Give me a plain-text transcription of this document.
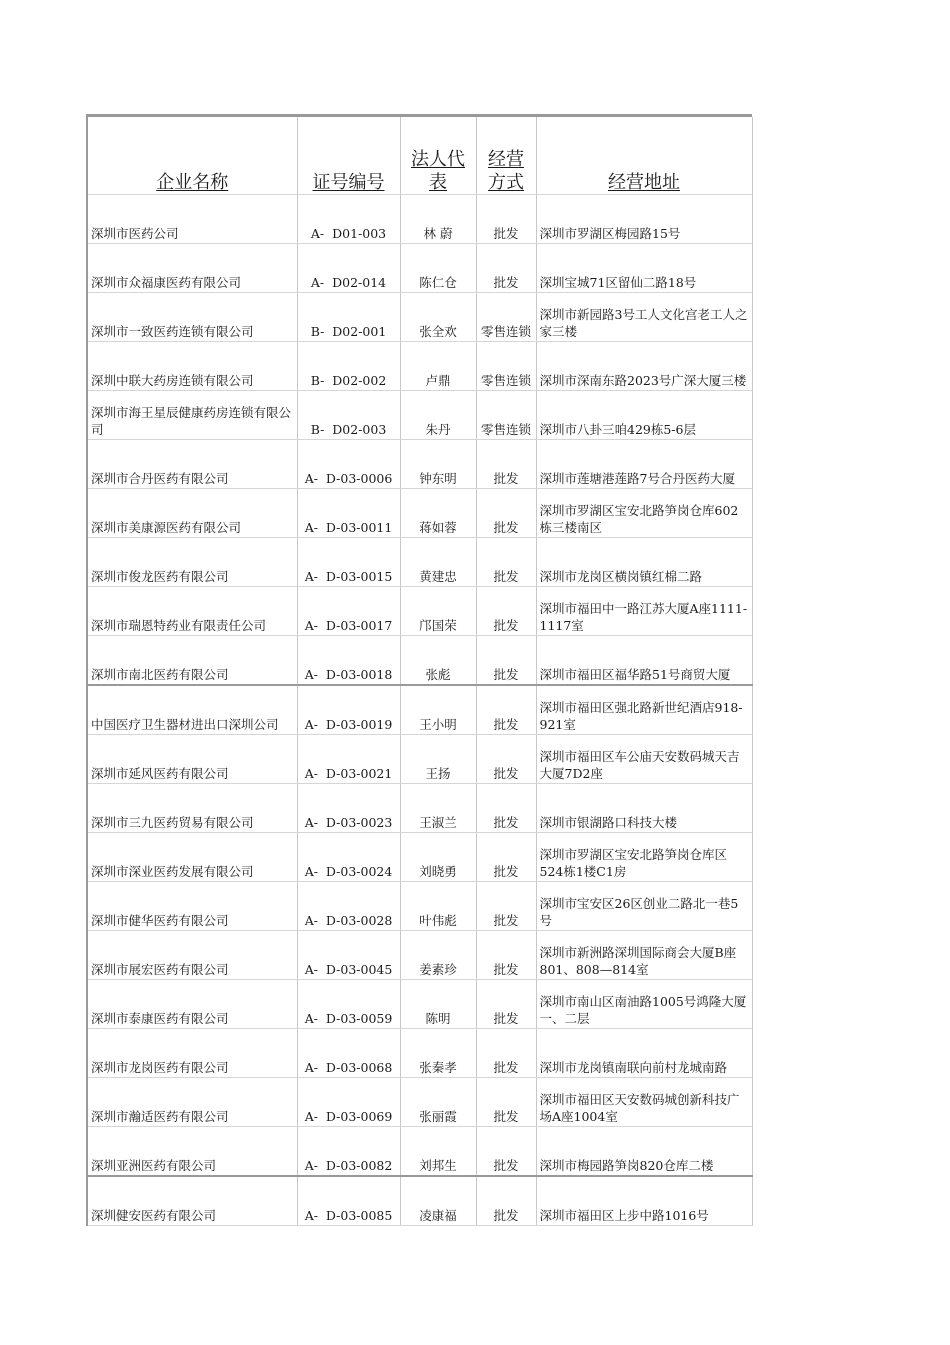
企业名称	证号编号	法人代表	经营方式	经营地址
深圳市医药公司	A-  D01-003	林 蔚	批发	深圳市罗湖区梅园路15号
深圳市众福康医药有限公司	A-  D02-014	陈仁仓	批发	深圳宝城71区留仙二路18号
深圳市一致医药连锁有限公司	B-  D02-001	张全欢	零售连锁	深圳市新园路3号工人文化宫老工人之家三楼
深圳中联大药房连锁有限公司	B-  D02-002	卢鼎	零售连锁	深圳市深南东路2023号广深大厦三楼
深圳市海王星辰健康药房连锁有限公司	B-  D02-003	朱丹	零售连锁	深圳市八卦三咱429栋5-6层
深圳市合丹医药有限公司	A-  D-03-0006	钟东明	批发	深圳市莲塘港莲路7号合丹医药大厦
深圳市美康源医药有限公司	A-  D-03-0011	蒋如蓉	批发	深圳市罗湖区宝安北路笋岗仓库602栋三楼南区
深圳市俊龙医药有限公司	A-  D-03-0015	黄建忠	批发	深圳市龙岗区横岗镇红棉二路
深圳市瑞恩特药业有限责任公司	A-  D-03-0017	邝国荣	批发	深圳市福田中一路江苏大厦A座1111-1117室
深圳市南北医药有限公司	A-  D-03-0018	张彪	批发	深圳市福田区福华路51号商贸大厦
中国医疗卫生器材进出口深圳公司	A-  D-03-0019	王小明	批发	深圳市福田区强北路新世纪酒店918-921室
深圳市延风医药有限公司	A-  D-03-0021	王扬	批发	深圳市福田区车公庙天安数码城天吉大厦7D2座
深圳市三九医药贸易有限公司	A-  D-03-0023	王淑兰	批发	深圳市银湖路口科技大楼
深圳市深业医药发展有限公司	A-  D-03-0024	刘晓勇	批发	深圳市罗湖区宝安北路笋岗仓库区524栋1楼C1房
深圳市健华医药有限公司	A-  D-03-0028	叶伟彪	批发	深圳市宝安区26区创业二路北一巷5号
深圳市展宏医药有限公司	A-  D-03-0045	姜素珍	批发	深圳市新洲路深圳国际商会大厦B座801、808—814室
深圳市泰康医药有限公司	A-  D-03-0059	陈明	批发	深圳市南山区南油路1005号鸿隆大厦一、二层
深圳市龙岗医药有限公司	A-  D-03-0068	张秦孝	批发	深圳市龙岗镇南联向前村龙城南路
深圳市瀚适医药有限公司	A-  D-03-0069	张丽霞	批发	深圳市福田区天安数码城创新科技广场A座1004室
深圳亚洲医药有限公司	A-  D-03-0082	刘邦生	批发	深圳市梅园路笋岗820仓库二楼
深圳健安医药有限公司	A-  D-03-0085	凌康福	批发	深圳市福田区上步中路1016号
